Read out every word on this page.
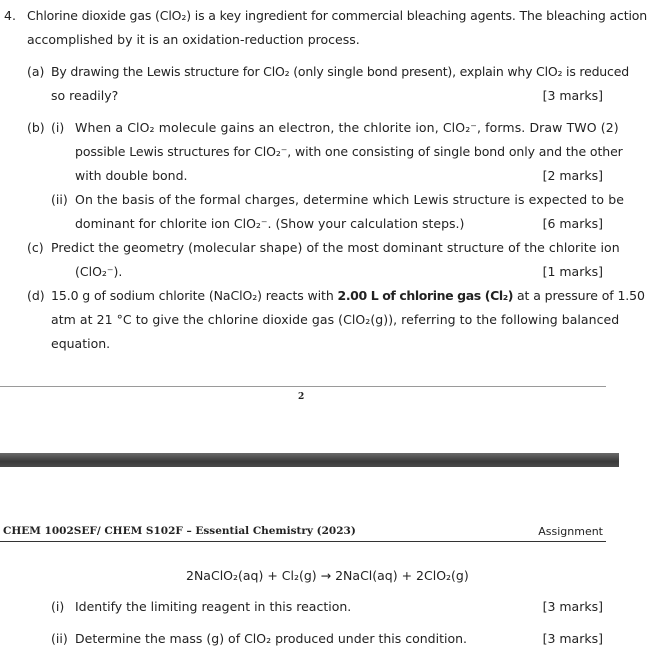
4. Chlorine dioxide gas (ClO₂) is a key ingredient for commercial bleaching agents. The bleaching action
accomplished by it is an oxidation-reduction process.
(a) By drawing the Lewis structure for ClO₂ (only single bond present), explain why ClO₂ is reduced
so readily?	[3 marks]
(b) (i) When a ClO₂ molecule gains an electron, the chlorite ion, ClO₂⁻, forms. Draw TWO (2)
possible Lewis structures for ClO₂⁻, with one consisting of single bond only and the other
with double bond.	[2 marks]
(ii) On the basis of the formal charges, determine which Lewis structure is expected to be
dominant for chlorite ion ClO₂⁻. (Show your calculation steps.)	[6 marks]
(c) Predict the geometry (molecular shape) of the most dominant structure of the chlorite ion
(ClO₂⁻).	[1 marks]
(d) 15.0 g of sodium chlorite (NaClO₂) reacts with 2.00 L of chlorine gas (Cl₂) at a pressure of 1.50
atm at 21 °C to give the chlorine dioxide gas (ClO₂(g)), referring to the following balanced
equation.
2
CHEM 1002SEF/ CHEM S102F – Essential Chemistry (2023)	Assignment
2NaClO₂(aq) + Cl₂(g) → 2NaCl(aq) + 2ClO₂(g)
(i) Identify the limiting reagent in this reaction.	[3 marks]
(ii) Determine the mass (g) of ClO₂ produced under this condition.	[3 marks]
